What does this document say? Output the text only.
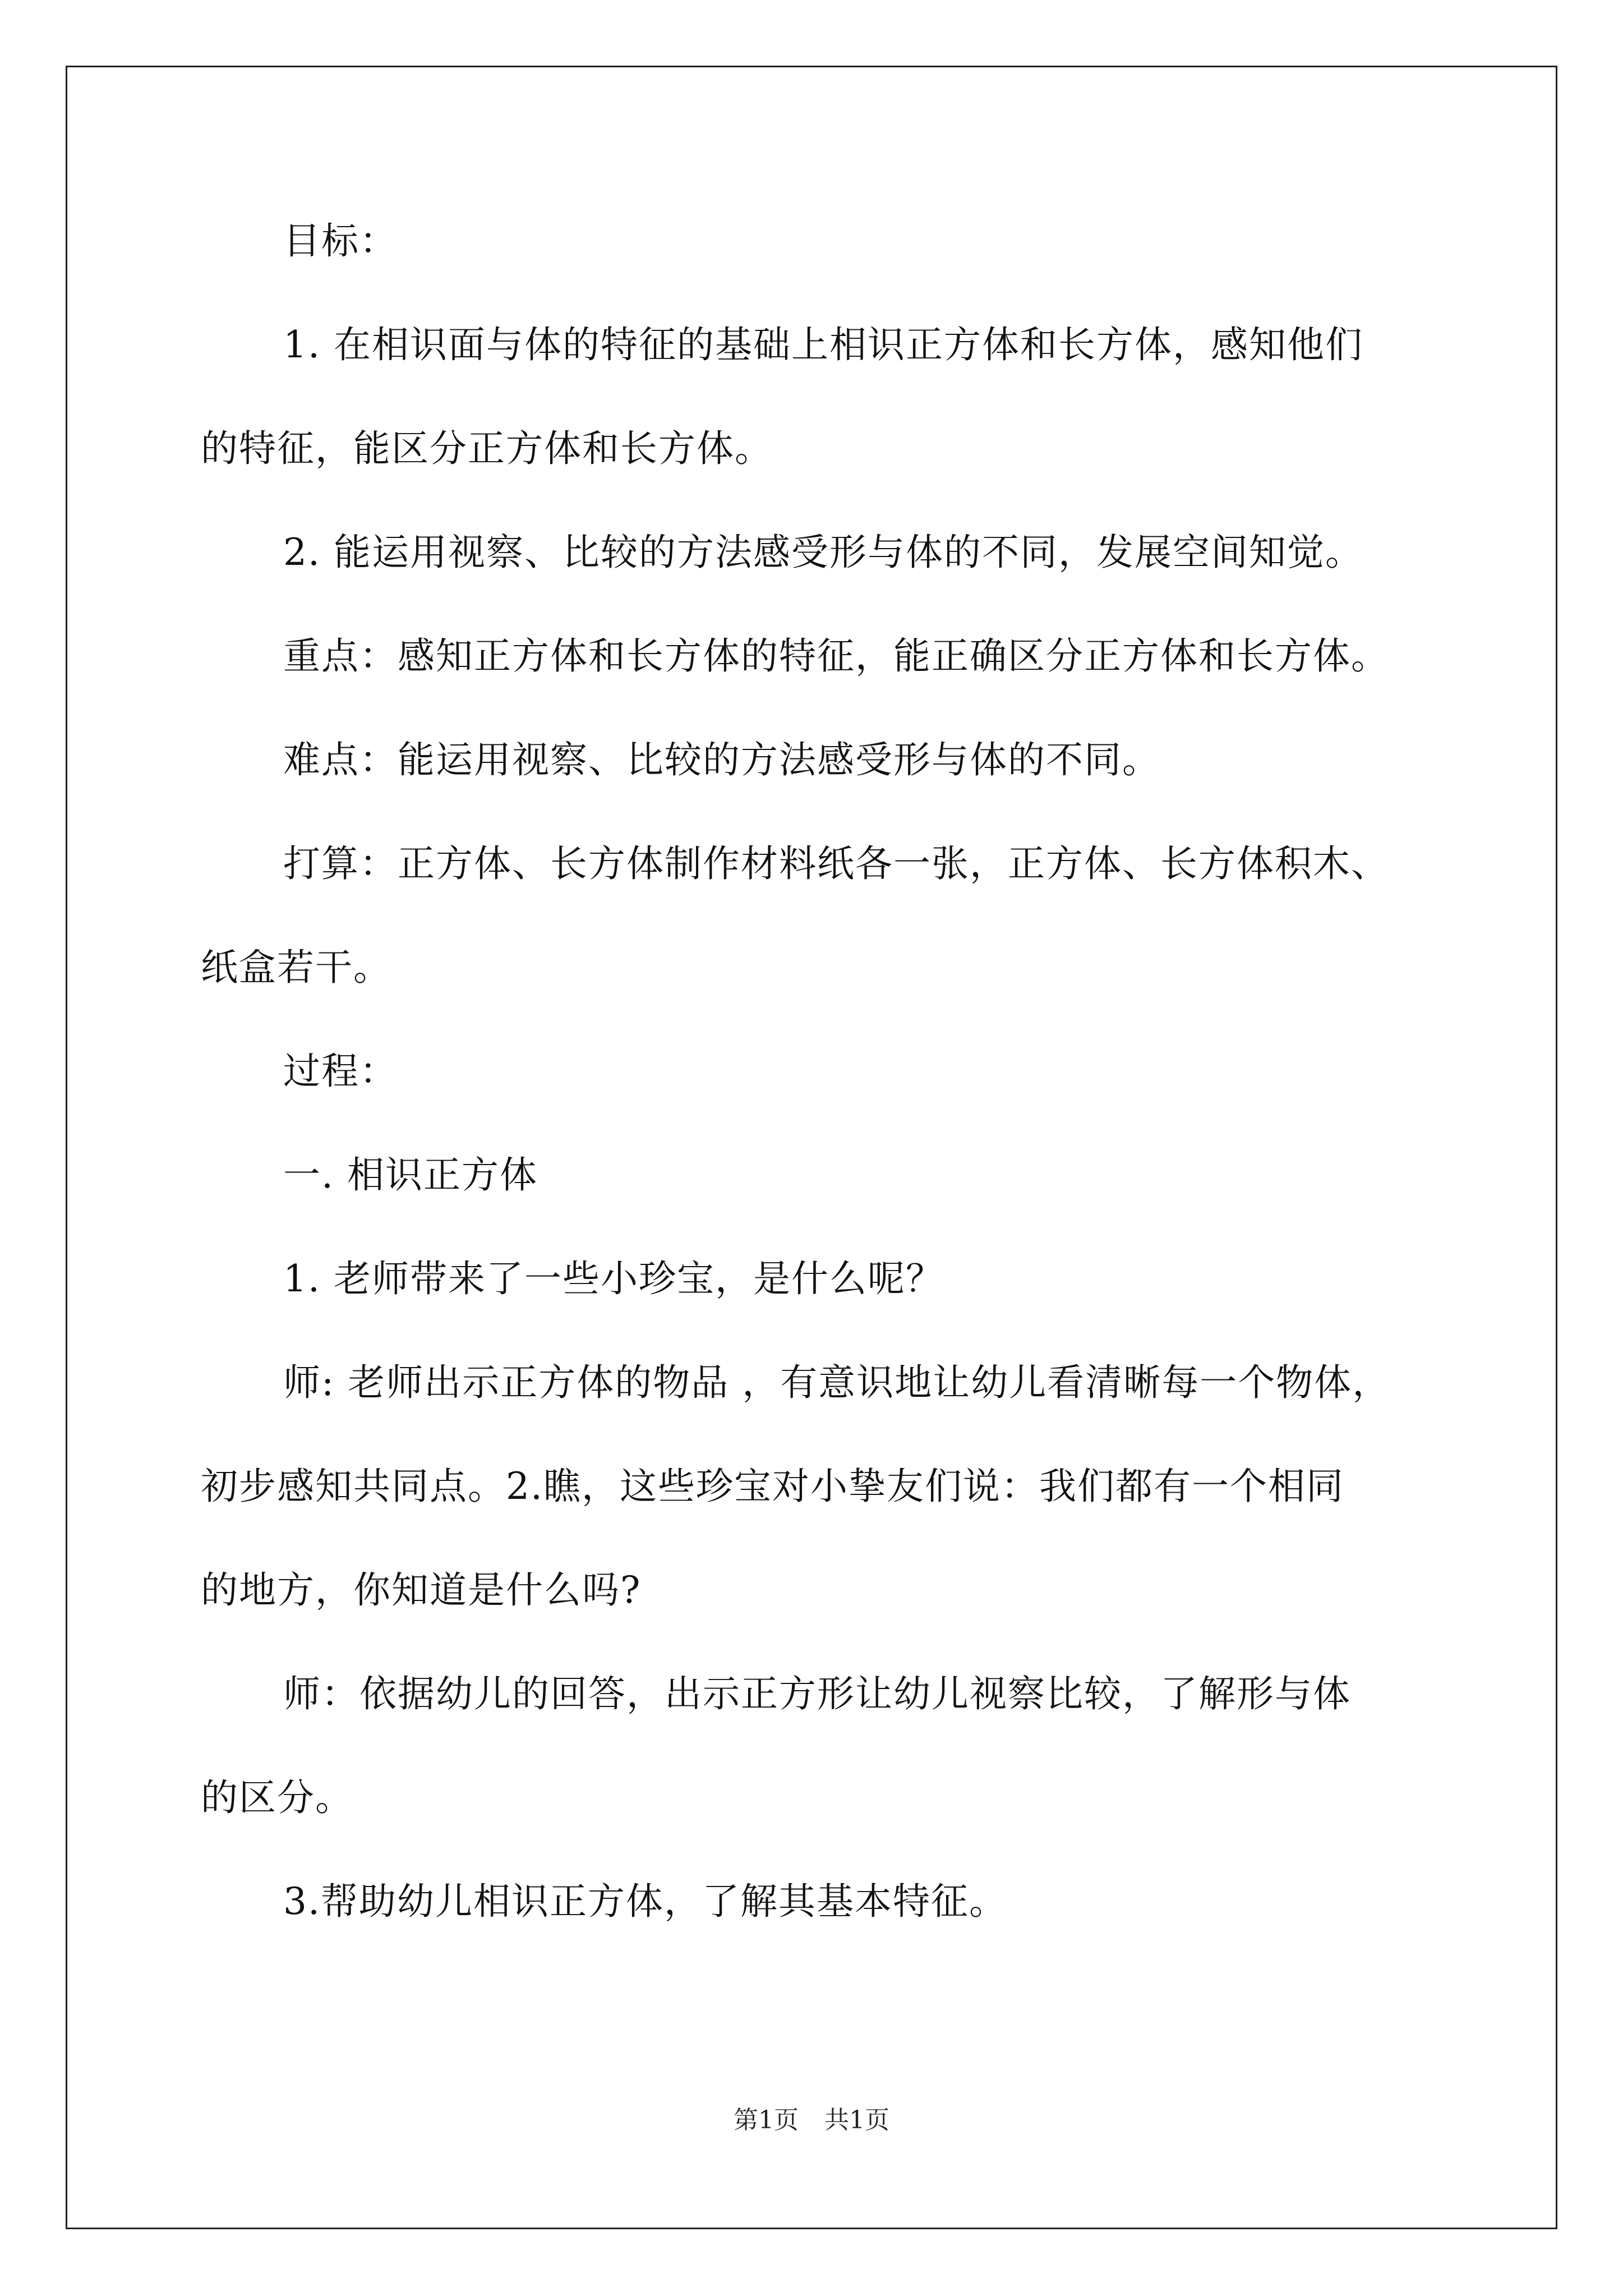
目标：
1. 在相识面与体的特征的基础上相识正方体和长方体，感知他们
的特征，能区分正方体和长方体。
2. 能运用视察、比较的方法感受形与体的不同，发展空间知觉。
重点：感知正方体和长方体的特征，能正确区分正方体和长方体。
难点：能运用视察、比较的方法感受形与体的不同。
打算：正方体、长方体制作材料纸各一张，正方体、长方体积木、
纸盒若干。
过程：
一. 相识正方体
1. 老师带来了一些小珍宝，是什么呢？
师: 老师出示正方体的物品 ，有意识地让幼儿看清晰每一个物体，
初步感知共同点。2.瞧，这些珍宝对小挚友们说：我们都有一个相同
的地方，你知道是什么吗?
师：依据幼儿的回答，出示正方形让幼儿视察比较，了解形与体
的区分。
3.帮助幼儿相识正方体，了解其基本特征。
第1页 共1页
